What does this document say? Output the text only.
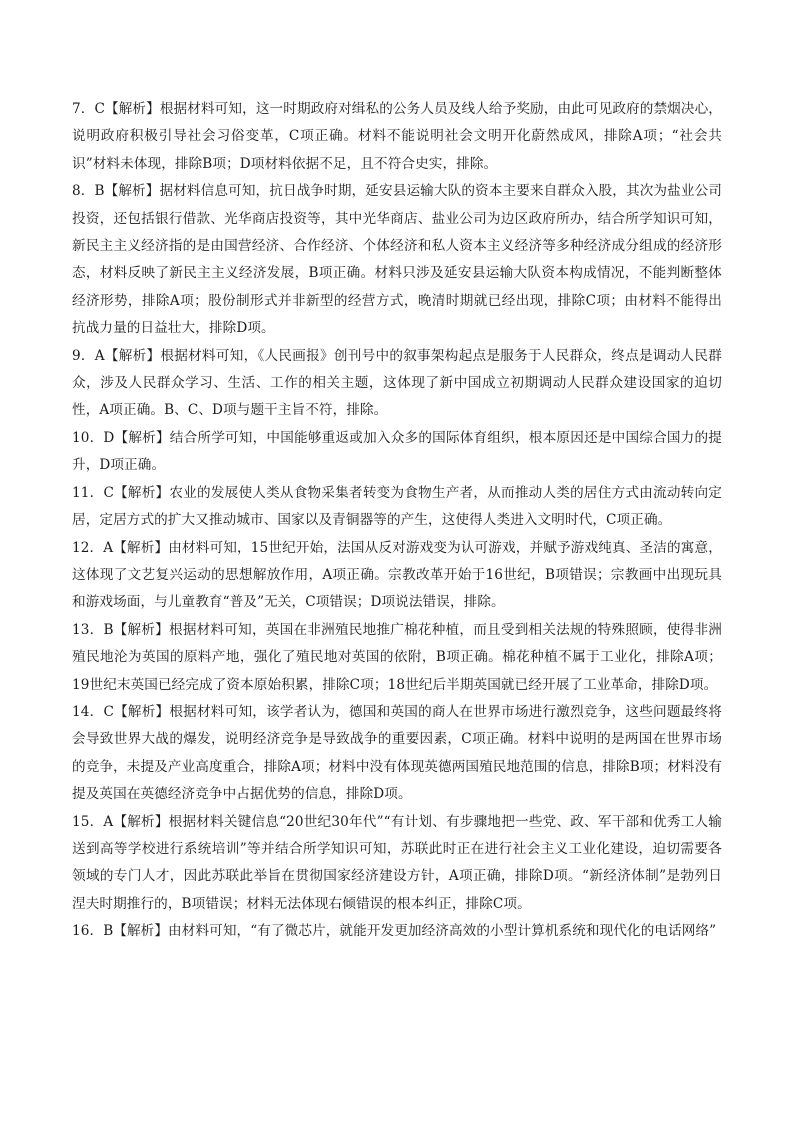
7．C【解析】根据材料可知，这一时期政府对缉私的公务人员及线人给予奖励，由此可见政府的禁烟决心，说明政府积极引导社会习俗变革，C项正确。材料不能说明社会文明开化蔚然成风，排除A项；“社会共识”材料未体现，排除B项；D项材料依据不足，且不符合史实，排除。

8．B【解析】据材料信息可知，抗日战争时期，延安县运输大队的资本主要来自群众入股，其次为盐业公司投资，还包括银行借款、光华商店投资等，其中光华商店、盐业公司为边区政府所办，结合所学知识可知，新民主主义经济指的是由国营经济、合作经济、个体经济和私人资本主义经济等多种经济成分组成的经济形态，材料反映了新民主主义经济发展，B项正确。材料只涉及延安县运输大队资本构成情况，不能判断整体经济形势，排除A项；股份制形式并非新型的经营方式，晚清时期就已经出现，排除C项；由材料不能得出抗战力量的日益壮大，排除D项。

9．A【解析】根据材料可知，《人民画报》创刊号中的叙事架构起点是服务于人民群众，终点是调动人民群众，涉及人民群众学习、生活、工作的相关主题，这体现了新中国成立初期调动人民群众建设国家的迫切性，A项正确。B、C、D项与题干主旨不符，排除。

10．D【解析】结合所学可知，中国能够重返或加入众多的国际体育组织，根本原因还是中国综合国力的提升，D项正确。

11．C【解析】农业的发展使人类从食物采集者转变为食物生产者，从而推动人类的居住方式由流动转向定居，定居方式的扩大又推动城市、国家以及青铜器等的产生，这使得人类进入文明时代，C项正确。

12．A【解析】由材料可知，15世纪开始，法国从反对游戏变为认可游戏，并赋予游戏纯真、圣洁的寓意，这体现了文艺复兴运动的思想解放作用，A项正确。宗教改革开始于16世纪，B项错误；宗教画中出现玩具和游戏场面，与儿童教育“普及”无关，C项错误；D项说法错误，排除。

13．B【解析】根据材料可知，英国在非洲殖民地推广棉花种植，而且受到相关法规的特殊照顾，使得非洲殖民地沦为英国的原料产地，强化了殖民地对英国的依附，B项正确。棉花种植不属于工业化，排除A项；19世纪末英国已经完成了资本原始积累，排除C项；18世纪后半期英国就已经开展了工业革命，排除D项。

14．C【解析】根据材料可知，该学者认为，德国和英国的商人在世界市场进行激烈竞争，这些问题最终将会导致世界大战的爆发，说明经济竞争是导致战争的重要因素，C项正确。材料中说明的是两国在世界市场的竞争，未提及产业高度重合，排除A项；材料中没有体现英德两国殖民地范围的信息，排除B项；材料没有提及英国在英德经济竞争中占据优势的信息，排除D项。

15．A【解析】根据材料关键信息“20世纪30年代”“有计划、有步骤地把一些党、政、军干部和优秀工人输送到高等学校进行系统培训”等并结合所学知识可知，苏联此时正在进行社会主义工业化建设，迫切需要各领域的专门人才，因此苏联此举旨在贯彻国家经济建设方针，A项正确，排除D项。“新经济体制”是勃列日涅夫时期推行的，B项错误；材料无法体现右倾错误的根本纠正，排除C项。

16．B【解析】由材料可知，“有了微芯片，就能开发更加经济高效的小型计算机系统和现代化的电话网络”
